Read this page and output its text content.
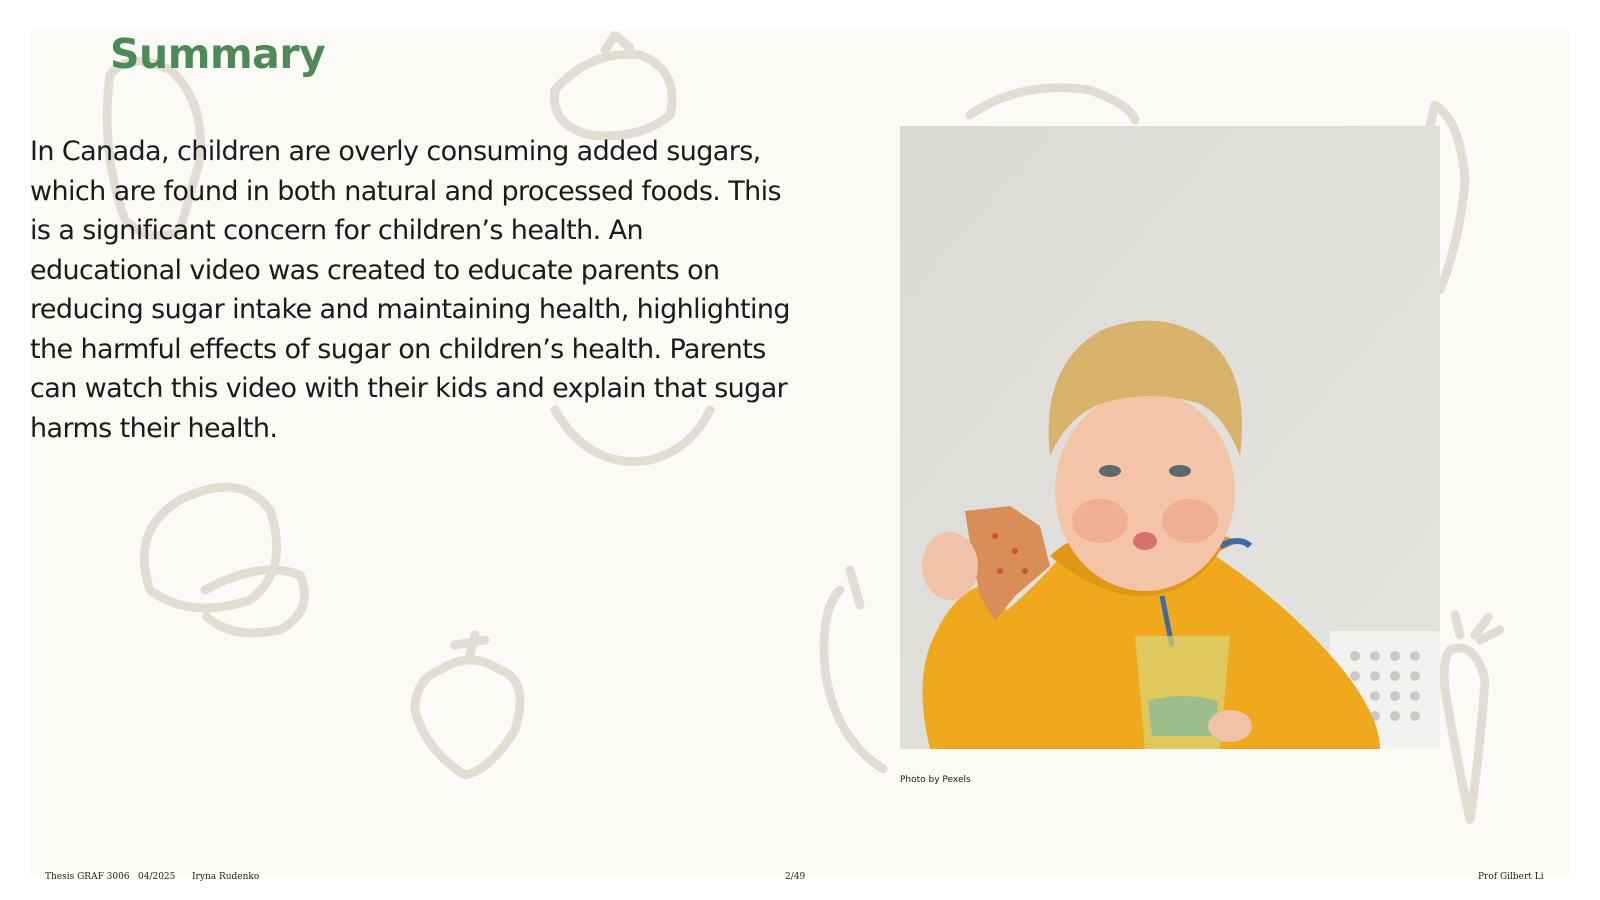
Summary

In Canada, children are overly consuming added sugars, which are found in both natural and processed foods. This is a significant concern for children’s health. An educational video was created to educate parents on reducing sugar intake and maintaining health, highlighting the harmful effects of sugar on children’s health. Parents can watch this video with their kids and explain that sugar harms their health.

Photo by Pexels
Thesis GRAF 3006 04/2025 Iryna Rudenko	2/49	Prof Gilbert Li
